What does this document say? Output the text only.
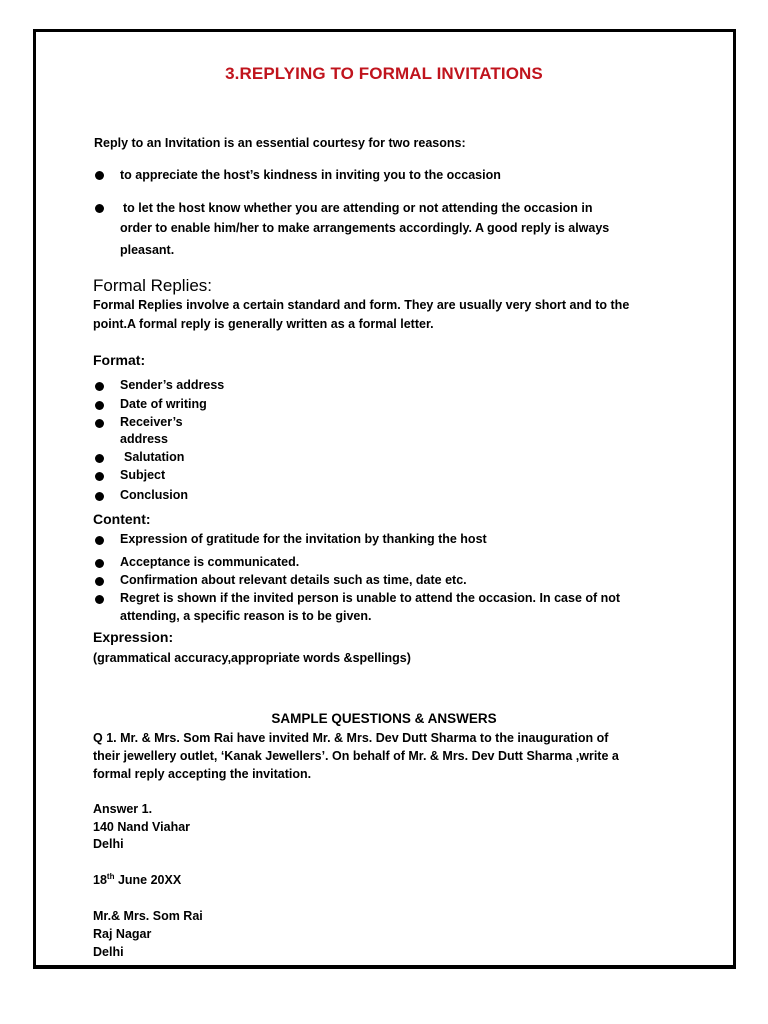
3.REPLYING TO FORMAL INVITATIONS
Reply to an Invitation is an essential courtesy for two reasons:
to appreciate the host’s kindness in inviting you to the occasion
to let the host know whether you are attending or not attending the occasion in
order to enable him/her to make arrangements accordingly. A good reply is always
pleasant.
Formal Replies:
Formal Replies involve a certain standard and form. They are usually very short and to the
point.A formal reply is generally written as a formal letter.
Format:
Sender’s address
Date of writing
Receiver’s
address
Salutation
Subject
Conclusion
Content:
Expression of gratitude for the invitation by thanking the host
Acceptance is communicated.
Confirmation about relevant details such as time, date etc.
Regret is shown if the invited person is unable to attend the occasion. In case of not
attending, a specific reason is to be given.
Expression:
(grammatical accuracy,appropriate words &spellings)
SAMPLE QUESTIONS & ANSWERS
Q 1. Mr. & Mrs. Som Rai have invited Mr. & Mrs. Dev Dutt Sharma to the inauguration of
their jewellery outlet, ‘Kanak Jewellers’. On behalf of Mr. & Mrs. Dev Dutt Sharma ,write a
formal reply accepting the invitation.
Answer 1.
140 Nand Viahar
Delhi
18th June 20XX
Mr.& Mrs. Som Rai
Raj Nagar
Delhi
